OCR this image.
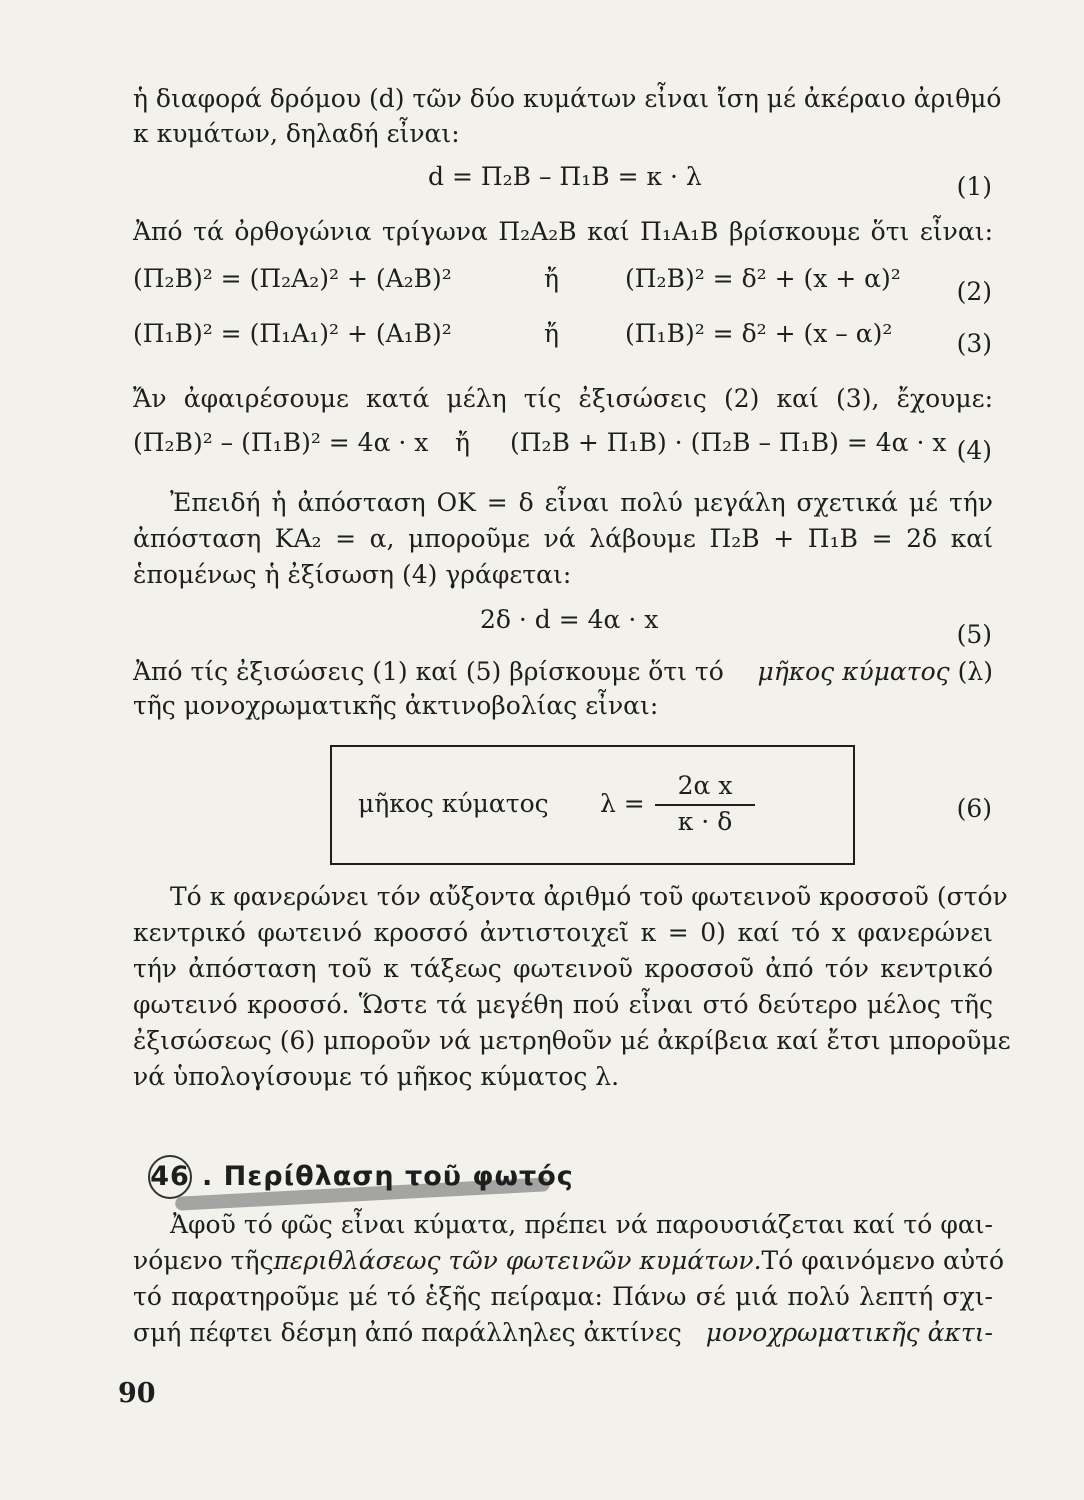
ἡ διαφορά δρόμου (d) τῶν δύο κυμάτων εἶναι ἴση μέ ἀκέραιο ἀριθμό
κ κυμάτων, δηλαδή εἶναι:
d = Π₂B – Π₁B = κ · λ	(1)
Ἀπό τά ὀρθογώνια τρίγωνα Π₂Α₂Β καί Π₁Α₁Β βρίσκουμε ὅτι εἶναι:
(Π₂Β)² = (Π₂Α₂)² + (Α₂Β)²	ἤ	(Π₂Β)² = δ² + (x + α)² (2)
(Π₁Β)² = (Π₁Α₁)² + (Α₁Β)²	ἤ	(Π₁Β)² = δ² + (x – α)²	(3)
Ἄν ἀφαιρέσουμε κατά μέλη τίς ἐξισώσεις (2) καί (3), ἔχουμε:
(Π₂Β)² – (Π₁Β)² = 4α · x ἤ (Π₂Β + Π₁Β) · (Π₂Β – Π₁Β) = 4α · x (4)
Ἐπειδή ἡ ἀπόσταση ΟΚ = δ εἶναι πολύ μεγάλη σχετικά μέ τήν
ἀπόσταση ΚΑ₂ = α, μποροῦμε νά λάβουμε Π₂Β + Π₁Β = 2δ καί
ἑπομένως ἡ ἐξίσωση (4) γράφεται:
2δ · d = 4α · x
(5)
Ἀπό τίς ἐξισώσεις (1) καί (5) βρίσκουμε ὅτι τό μῆκος κύματος (λ)
τῆς μονοχρωματικῆς ἀκτινοβολίας εἶναι:
μῆκος κύματος $\lambda = \frac{\text{2α x}}{\kappa \cdot \delta}$	(6)
Τό κ φανερώνει τόν αὔξοντα ἀριθμό τοῦ φωτεινοῦ κροσσοῦ (στόν
κεντρικό φωτεινό κροσσό ἀντιστοιχεῖ κ = 0) καί τό x φανερώνει
τήν ἀπόσταση τοῦ κ τάξεως φωτεινοῦ κροσσοῦ ἀπό τόν κεντρικό
φωτεινό κροσσό. Ὥστε τά μεγέθη πού εἶναι στό δεύτερο μέλος τῆς
ἐξισώσεως (6) μποροῦν νά μετρηθοῦν μέ ἀκρίβεια καί ἔτσι μποροῦμε
νά ὑπολογίσουμε τό μῆκος κύματος λ.
46 . Περίθλαση τοῦ φωτός
Ἀφοῦ τό φῶς εἶναι κύματα, πρέπει νά παρουσιάζεται καί τό φαι-
νόμενο τῆς περιθλάσεως τῶν φωτεινῶν κυμάτων. Τό φαινόμενο αὐτό
τό παρατηροῦμε μέ τό ἑξῆς πείραμα: Πάνω σέ μιά πολύ λεπτή σχι-
σμή πέφτει δέσμη ἀπό παράλληλες ἀκτίνες μονοχρωματικῆς ἀκτι-
90
